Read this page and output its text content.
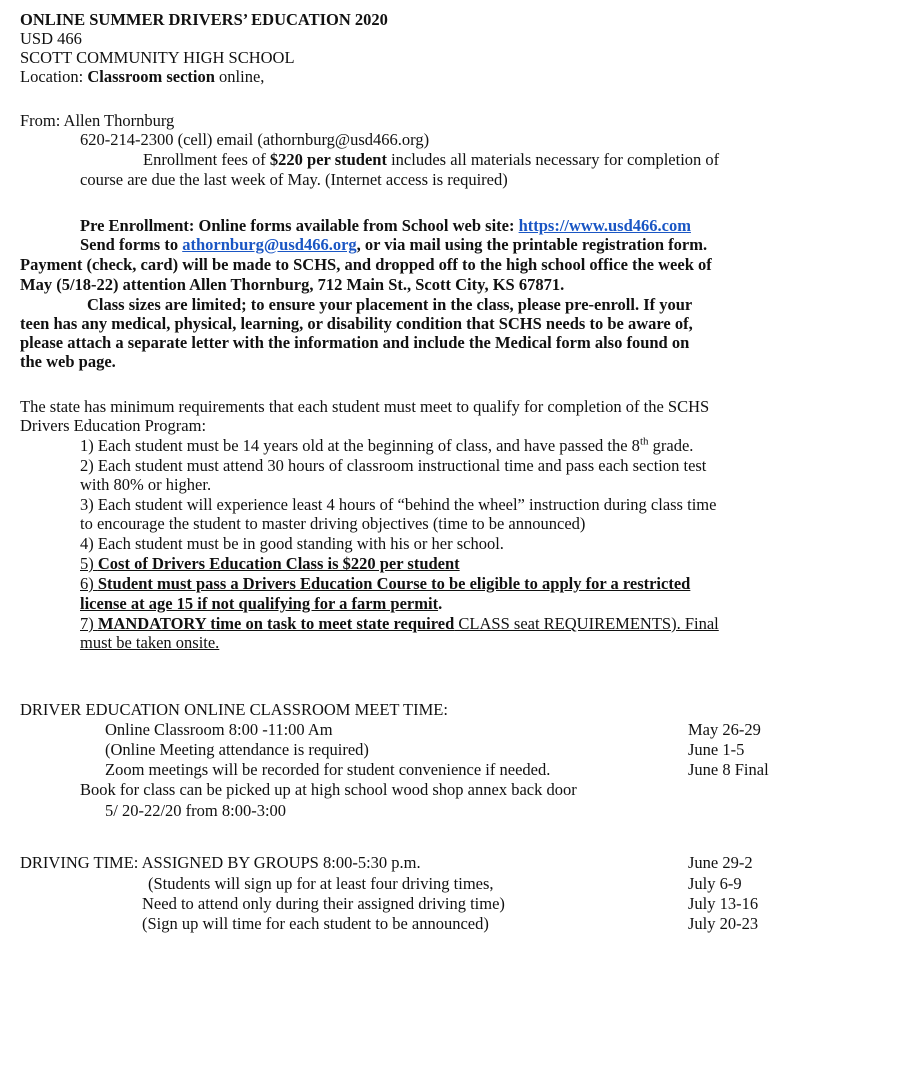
ONLINE SUMMER DRIVERS’ EDUCATION 2020
USD 466
SCOTT COMMUNITY HIGH SCHOOL
Location: Classroom section online,
From: Allen Thornburg
620-214-2300 (cell) email (athornburg@usd466.org)
Enrollment fees of $220 per student includes all materials necessary for completion of
course are due the last week of May. (Internet access is required)
Pre Enrollment: Online forms available from School web site: https://www.usd466.com
Send forms to athornburg@usd466.org, or via mail using the printable registration form.
Payment (check, card) will be made to SCHS, and dropped off to the high school office the week of
May (5/18-22) attention Allen Thornburg, 712 Main St., Scott City, KS 67871.
Class sizes are limited; to ensure your placement in the class, please pre-enroll. If your
teen has any medical, physical, learning, or disability condition that SCHS needs to be aware of,
please attach a separate letter with the information and include the Medical form also found on
the web page.
The state has minimum requirements that each student must meet to qualify for completion of the SCHS
Drivers Education Program:
1) Each student must be 14 years old at the beginning of class, and have passed the 8th grade.
2) Each student must attend 30 hours of classroom instructional time and pass each section test
with 80% or higher.
3) Each student will experience least 4 hours of “behind the wheel” instruction during class time
to encourage the student to master driving objectives (time to be announced)
4) Each student must be in good standing with his or her school.
5) Cost of Drivers Education Class is $220 per student
6) Student must pass a Drivers Education Course to be eligible to apply for a restricted
license at age 15 if not qualifying for a farm permit.
7) MANDATORY time on task to meet state required CLASS seat REQUIREMENTS). Final
must be taken onsite.
DRIVER EDUCATION ONLINE CLASSROOM MEET TIME:
Online Classroom 8:00 -11:00 Am	May 26-29
(Online Meeting attendance is required)	June 1-5
Zoom meetings will be recorded for student convenience if needed.	June 8 Final
Book for class can be picked up at high school wood shop annex back door
5/ 20-22/20 from 8:00-3:00
DRIVING TIME: ASSIGNED BY GROUPS 8:00-5:30 p.m.	June 29-2
(Students will sign up for at least four driving times,	July 6-9
Need to attend only during their assigned driving time)	July 13-16
(Sign up will time for each student to be announced)	July 20-23
